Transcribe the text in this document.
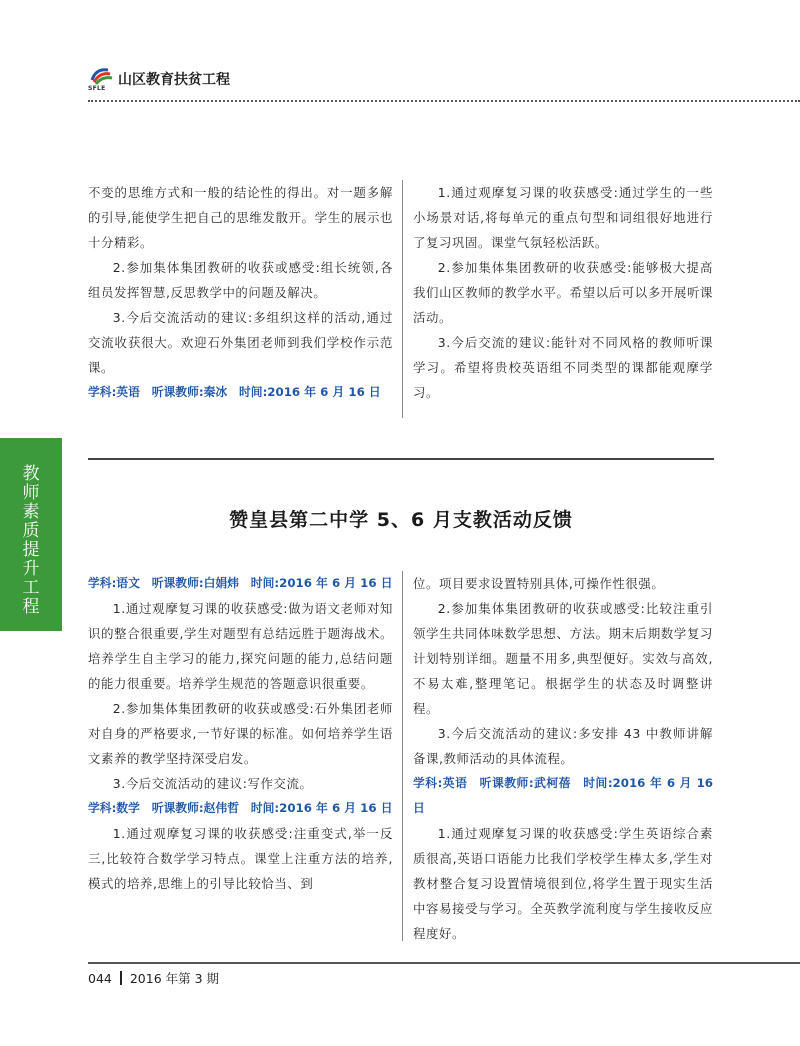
SFLE
山区教育扶贫工程

不变的思维方式和一般的结论性的得出。对一题多解的引导,能使学生把自己的思维发散开。学生的展示也十分精彩。

2.参加集体集团教研的收获或感受:组长统领,各组员发挥智慧,反思教学中的问题及解决。

3.今后交流活动的建议:多组织这样的活动,通过交流收获很大。欢迎石外集团老师到我们学校作示范课。

学科:英语　听课教师:秦冰　时间:2016 年 6 月 16 日

1.通过观摩复习课的收获感受:通过学生的一些小场景对话,将每单元的重点句型和词组很好地进行了复习巩固。课堂气氛轻松活跃。

2.参加集体集团教研的收获感受:能够极大提高我们山区教师的教学水平。希望以后可以多开展听课活动。

3.今后交流的建议:能针对不同风格的教师听课学习。希望将贵校英语组不同类型的课都能观摩学习。

赞皇县第二中学 5、6 月支教活动反馈
教
师
素
质
提
升
工
程

学科:语文　听课教师:白娟炜　时间:2016 年 6 月 16 日

1.通过观摩复习课的收获感受:做为语文老师对知识的整合很重要,学生对题型有总结远胜于题海战术。培养学生自主学习的能力,探究问题的能力,总结问题的能力很重要。培养学生规范的答题意识很重要。

2.参加集体集团教研的收获或感受:石外集团老师对自身的严格要求,一节好课的标准。如何培养学生语文素养的教学坚持深受启发。

3.今后交流活动的建议:写作交流。

学科:数学　听课教师:赵伟哲　时间:2016 年 6 月 16 日

1.通过观摩复习课的收获感受:注重变式,举一反三,比较符合数学学习特点。课堂上注重方法的培养,模式的培养,思维上的引导比较恰当、到

位。项目要求设置特别具体,可操作性很强。

2.参加集体集团教研的收获或感受:比较注重引领学生共同体味数学思想、方法。期末后期数学复习计划特别详细。题量不用多,典型便好。实效与高效,不易太难,整理笔记。根据学生的状态及时调整讲程。

3.今后交流活动的建议:多安排 43 中教师讲解备课,教师活动的具体流程。

学科:英语　听课教师:武柯蓓　时间:2016 年 6 月 16 日

1.通过观摩复习课的收获感受:学生英语综合素质很高,英语口语能力比我们学校学生棒太多,学生对教材整合复习设置情境很到位,将学生置于现实生活中容易接受与学习。全英教学流利度与学生接收反应程度好。

044 2016 年第 3 期
